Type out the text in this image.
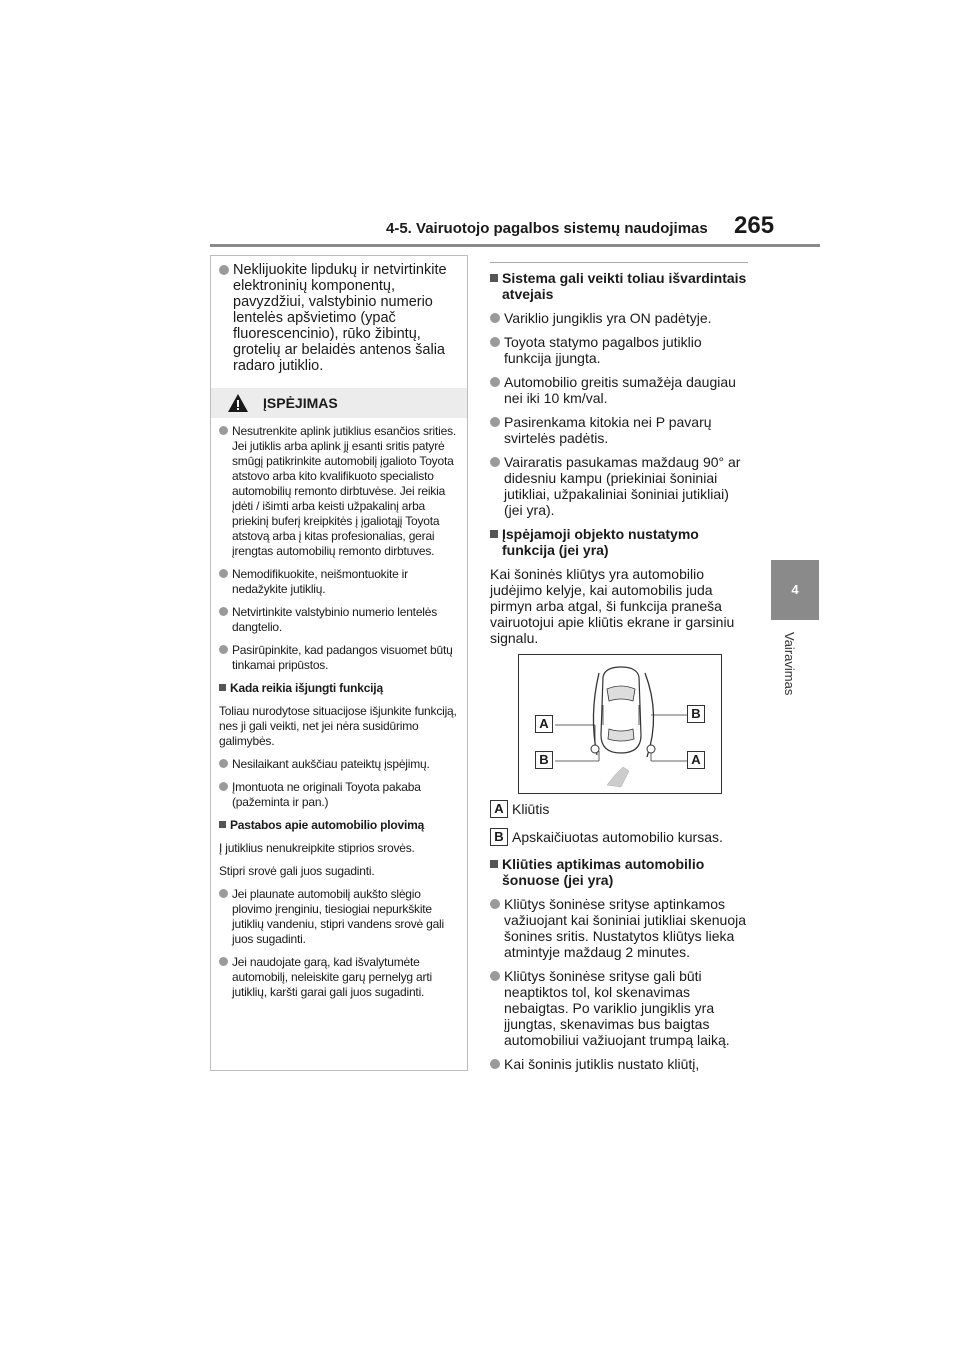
4-5. Vairuotojo pagalbos sistemų naudojimas 265
4
Vairavimas
Neklijuokite lipdukų ir netvirtinkite elektroninių komponentų, pavyzdžiui, valstybinio numerio lentelės apšvietimo (ypač fluorescencinio), rūko žibintų, grotelių ar belaidės antenos šalia radaro jutiklio.
ĮSPĖJIMAS
Nesutrenkite aplink jutiklius esančios srities. Jei jutiklis arba aplink jį esanti sritis patyrė smūgį patikrinkite automobilį įgalioto Toyota atstovo arba kito kvalifikuoto specialisto automobilių remonto dirbtuvėse. Jei reikia įdėti / išimti arba keisti užpakalinį arba priekinį buferį kreipkitės į įgaliotąjį Toyota atstovą arba į kitas profesionalias, gerai įrengtas automobilių remonto dirbtuves.
Nemodifikuokite, neišmontuokite ir nedažykite jutiklių.
Netvirtinkite valstybinio numerio lentelės dangtelio.
Pasirūpinkite, kad padangos visuomet būtų tinkamai pripūstos.
Kada reikia išjungti funkciją
Toliau nurodytose situacijose išjunkite funkciją, nes ji gali veikti, net jei nėra susidūrimo galimybės.
Nesilaikant aukščiau pateiktų įspėjimų.
Įmontuota ne originali Toyota pakaba (pažeminta ir pan.)
Pastabos apie automobilio plovimą
Į jutiklius nenukreipkite stiprios srovės.
Stipri srovė gali juos sugadinti.
Jei plaunate automobilį aukšto slėgio plovimo įrenginiu, tiesiogiai nepurkškite jutiklių vandeniu, stipri vandens srovė gali juos sugadinti.
Jei naudojate garą, kad išvalytumėte automobilį, neleiskite garų pernelyg arti jutiklių, karšti garai gali juos sugadinti.
Sistema gali veikti toliau išvardintais atvejais
Variklio jungiklis yra ON padėtyje.
Toyota statymo pagalbos jutiklio funkcija įjungta.
Automobilio greitis sumažėja daugiau nei iki 10 km/val.
Pasirenkama kitokia nei P pavarų svirtelės padėtis.
Vairaratis pasukamas maždaug 90° ar didesniu kampu (priekiniai šoniniai jutikliai, užpakaliniai šoniniai jutikliai) (jei yra).
Įspėjamoji objekto nustatymo funkcija (jei yra)
Kai šoninės kliūtys yra automobilio judėjimo kelyje, kai automobilis juda pirmyn arba atgal, ši funkcija praneša vairuotojui apie kliūtis ekrane ir garsiniu signalu.
A
B
B
A
A Kliūtis
B Apskaičiuotas automobilio kursas.
Kliūties aptikimas automobilio šonuose (jei yra)
Kliūtys šoninėse srityse aptinkamos važiuojant kai šoniniai jutikliai skenuoja šonines sritis. Nustatytos kliūtys lieka atmintyje maždaug 2 minutes.
Kliūtys šoninėse srityse gali būti neaptiktos tol, kol skenavimas nebaigtas. Po variklio jungiklis yra įjungtas, skenavimas bus baigtas automobiliui važiuojant trumpą laiką.
Kai šoninis jutiklis nustato kliūtį,
